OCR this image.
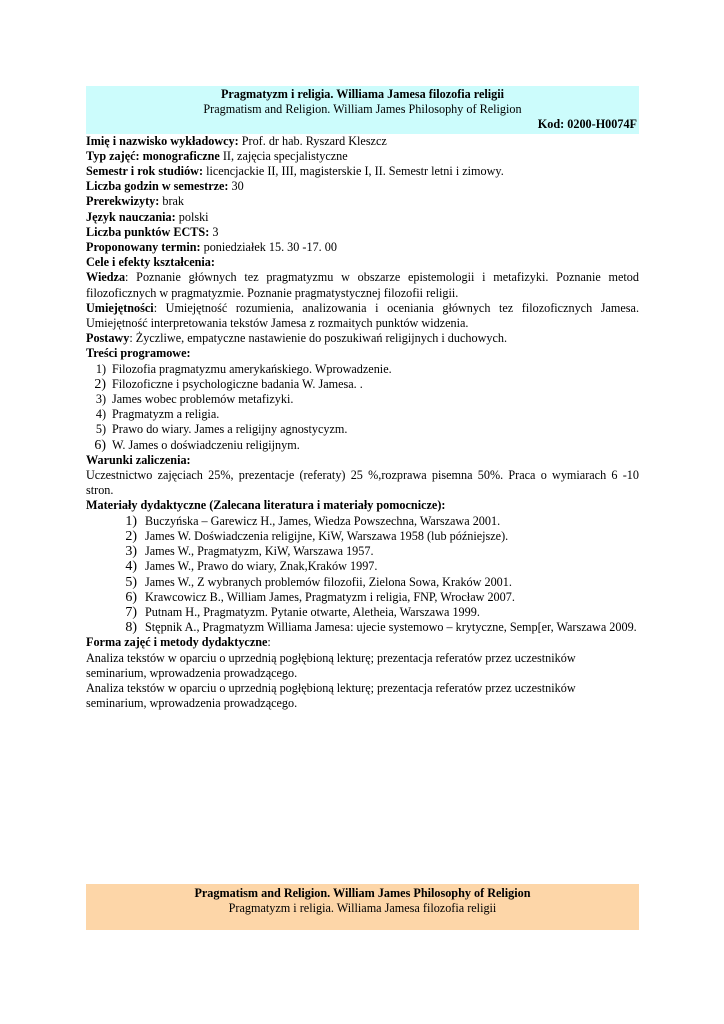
Pragmatyzm i religia. Williama Jamesa filozofia religii
Pragmatism and Religion. William James Philosophy of Religion
Kod: 0200-H0074F

Imię i nazwisko wykładowcy: Prof. dr hab. Ryszard Kleszcz

Typ zajęć: monograficzne II, zajęcia specjalistyczne

Semestr i rok studiów: licencjackie II, III, magisterskie I, II. Semestr letni i zimowy.

Liczba godzin w semestrze: 30

Prerekwizyty: brak

Język nauczania: polski

Liczba punktów ECTS: 3

Proponowany termin: poniedziałek 15. 30 -17. 00

Cele i efekty kształcenia:

Wiedza: Poznanie głównych tez pragmatyzmu w obszarze epistemologii i metafizyki. Poznanie metod filozoficznych w pragmatyzmie. Poznanie pragmatystycznej filozofii religii.

Umiejętności: Umiejętność rozumienia, analizowania i oceniania głównych tez filozoficznych Jamesa. Umiejętność interpretowania tekstów Jamesa z rozmaitych punktów widzenia.

Postawy: Życzliwe, empatyczne nastawienie do poszukiwań religijnych i duchowych.

Treści programowe:

1) Filozofia pragmatyzmu amerykańskiego. Wprowadzenie.
2) Filozoficzne i psychologiczne badania W. Jamesa. .
3) James wobec problemów metafizyki.
4) Pragmatyzm a religia.
5) Prawo do wiary. James a religijny agnostycyzm.
6) W. James o doświadczeniu religijnym.

Warunki zaliczenia:

Uczestnictwo zajęciach 25%, prezentacje (referaty) 25 %,rozprawa pisemna 50%. Praca o wymiarach 6 -10 stron.

Materiały dydaktyczne (Zalecana literatura i materiały pomocnicze):

1) Buczyńska – Garewicz H., James, Wiedza Powszechna, Warszawa 2001.
2) James W. Doświadczenia religijne, KiW, Warszawa 1958 (lub późniejsze).
3) James W., Pragmatyzm, KiW, Warszawa 1957.
4) James W., Prawo do wiary, Znak,Kraków 1997.
5) James W., Z wybranych problemów filozofii, Zielona Sowa, Kraków 2001.
6) Krawcowicz B., William James, Pragmatyzm i religia, FNP, Wrocław 2007.
7) Putnam H., Pragmatyzm. Pytanie otwarte, Aletheia, Warszawa 1999.
8) Stępnik A., Pragmatyzm Williama Jamesa: ujecie systemowo – krytyczne, Semp[er, Warszawa 2009.

Forma zajęć i metody dydaktyczne:

Analiza tekstów w oparciu o uprzednią pogłębioną lekturę; prezentacja referatów przez uczestników seminarium, wprowadzenia prowadzącego.

Analiza tekstów w oparciu o uprzednią pogłębioną lekturę; prezentacja referatów przez uczestników seminarium, wprowadzenia prowadzącego.

Pragmatism and Religion. William James Philosophy of Religion
Pragmatyzm i religia. Williama Jamesa filozofia religii
